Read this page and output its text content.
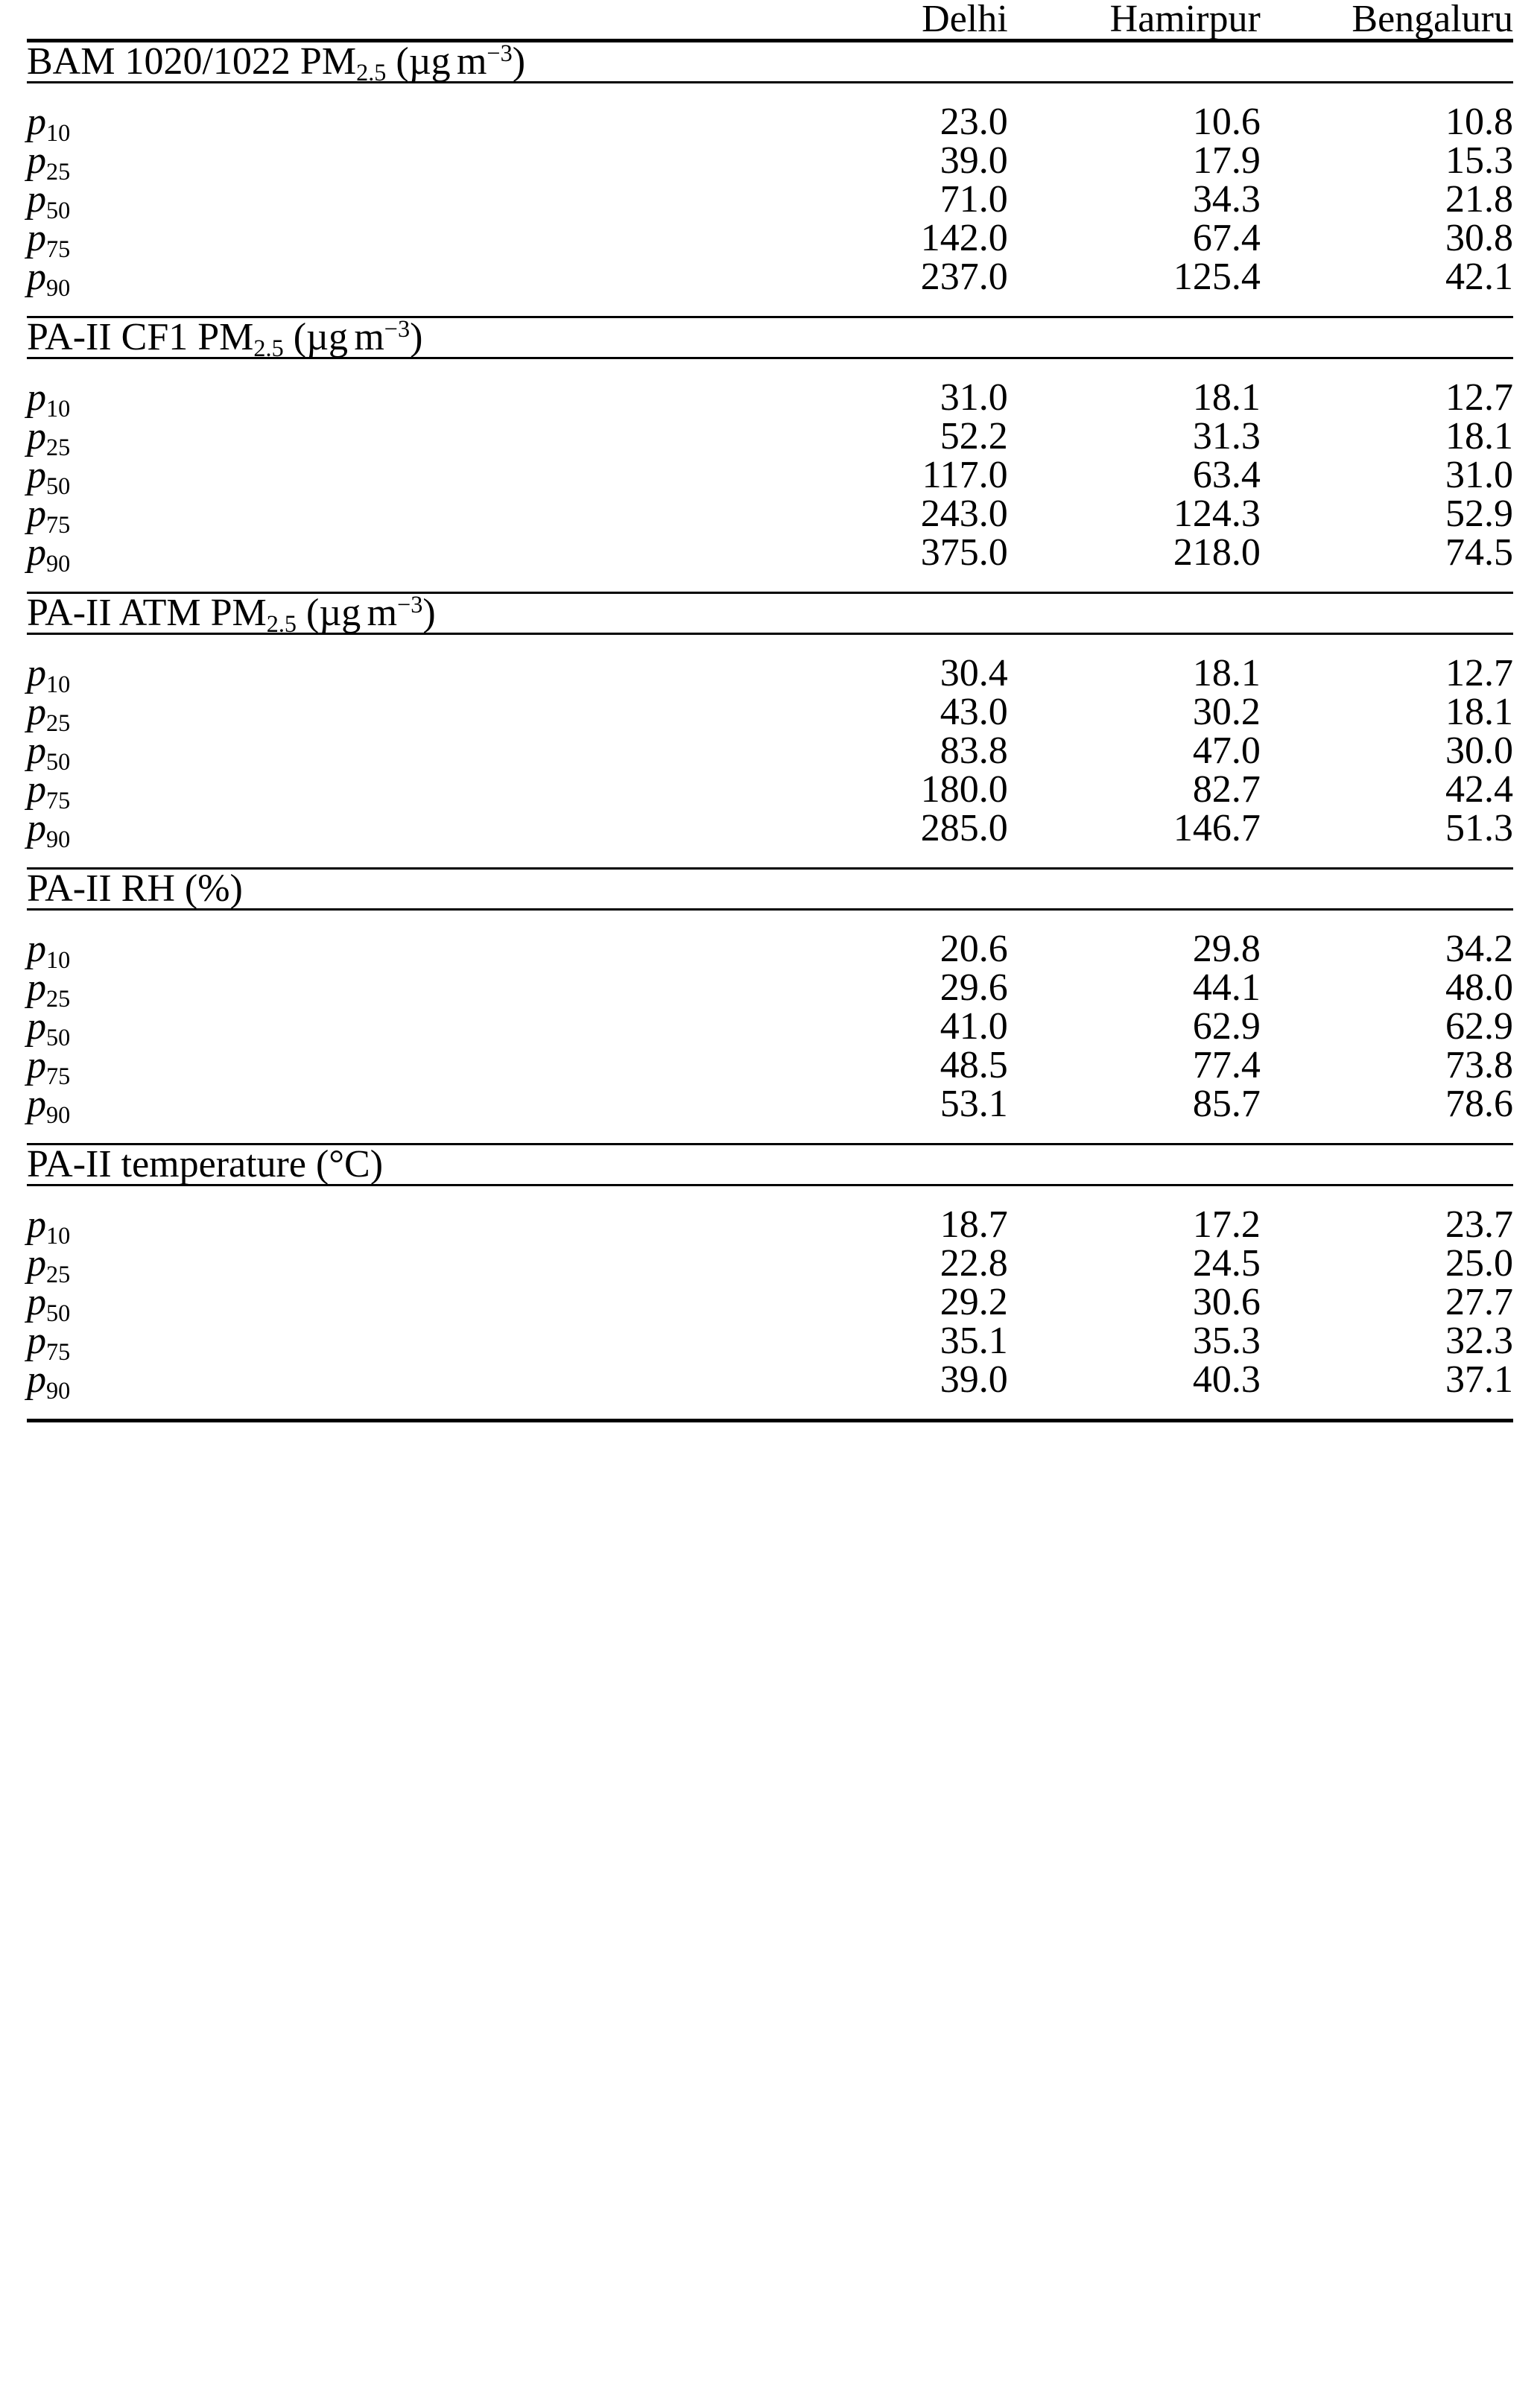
	Delhi	Hamirpur	Bengaluru
BAM 1020/1022 $PM_{2.5}$ (µg $m^{-3}$)			
$p_{10}$	23.0	10.6	10.8
$p_{25}$	39.0	17.9	15.3
$p_{50}$	71.0	34.3	21.8
$p_{75}$	142.0	67.4	30.8
$p_{90}$	237.0	125.4	42.1
PA-II CF1 $PM_{2.5}$ (µg $m^{-3}$)			
$p_{10}$	31.0	18.1	12.7
$p_{25}$	52.2	31.3	18.1
$p_{50}$	117.0	63.4	31.0
$p_{75}$	243.0	124.3	52.9
$p_{90}$	375.0	218.0	74.5
PA-II ATM $PM_{2.5}$ (µg $m^{-3}$)			
$p_{10}$	30.4	18.1	12.7
$p_{25}$	43.0	30.2	18.1
$p_{50}$	83.8	47.0	30.0
$p_{75}$	180.0	82.7	42.4
$p_{90}$	285.0	146.7	51.3
PA-II RH (%)			
$p_{10}$	20.6	29.8	34.2
$p_{25}$	29.6	44.1	48.0
$p_{50}$	41.0	62.9	62.9
$p_{75}$	48.5	77.4	73.8
$p_{90}$	53.1	85.7	78.6
PA-II temperature (°C)			
$p_{10}$	18.7	17.2	23.7
$p_{25}$	22.8	24.5	25.0
$p_{50}$	29.2	30.6	27.7
$p_{75}$	35.1	35.3	32.3
$p_{90}$	39.0	40.3	37.1
